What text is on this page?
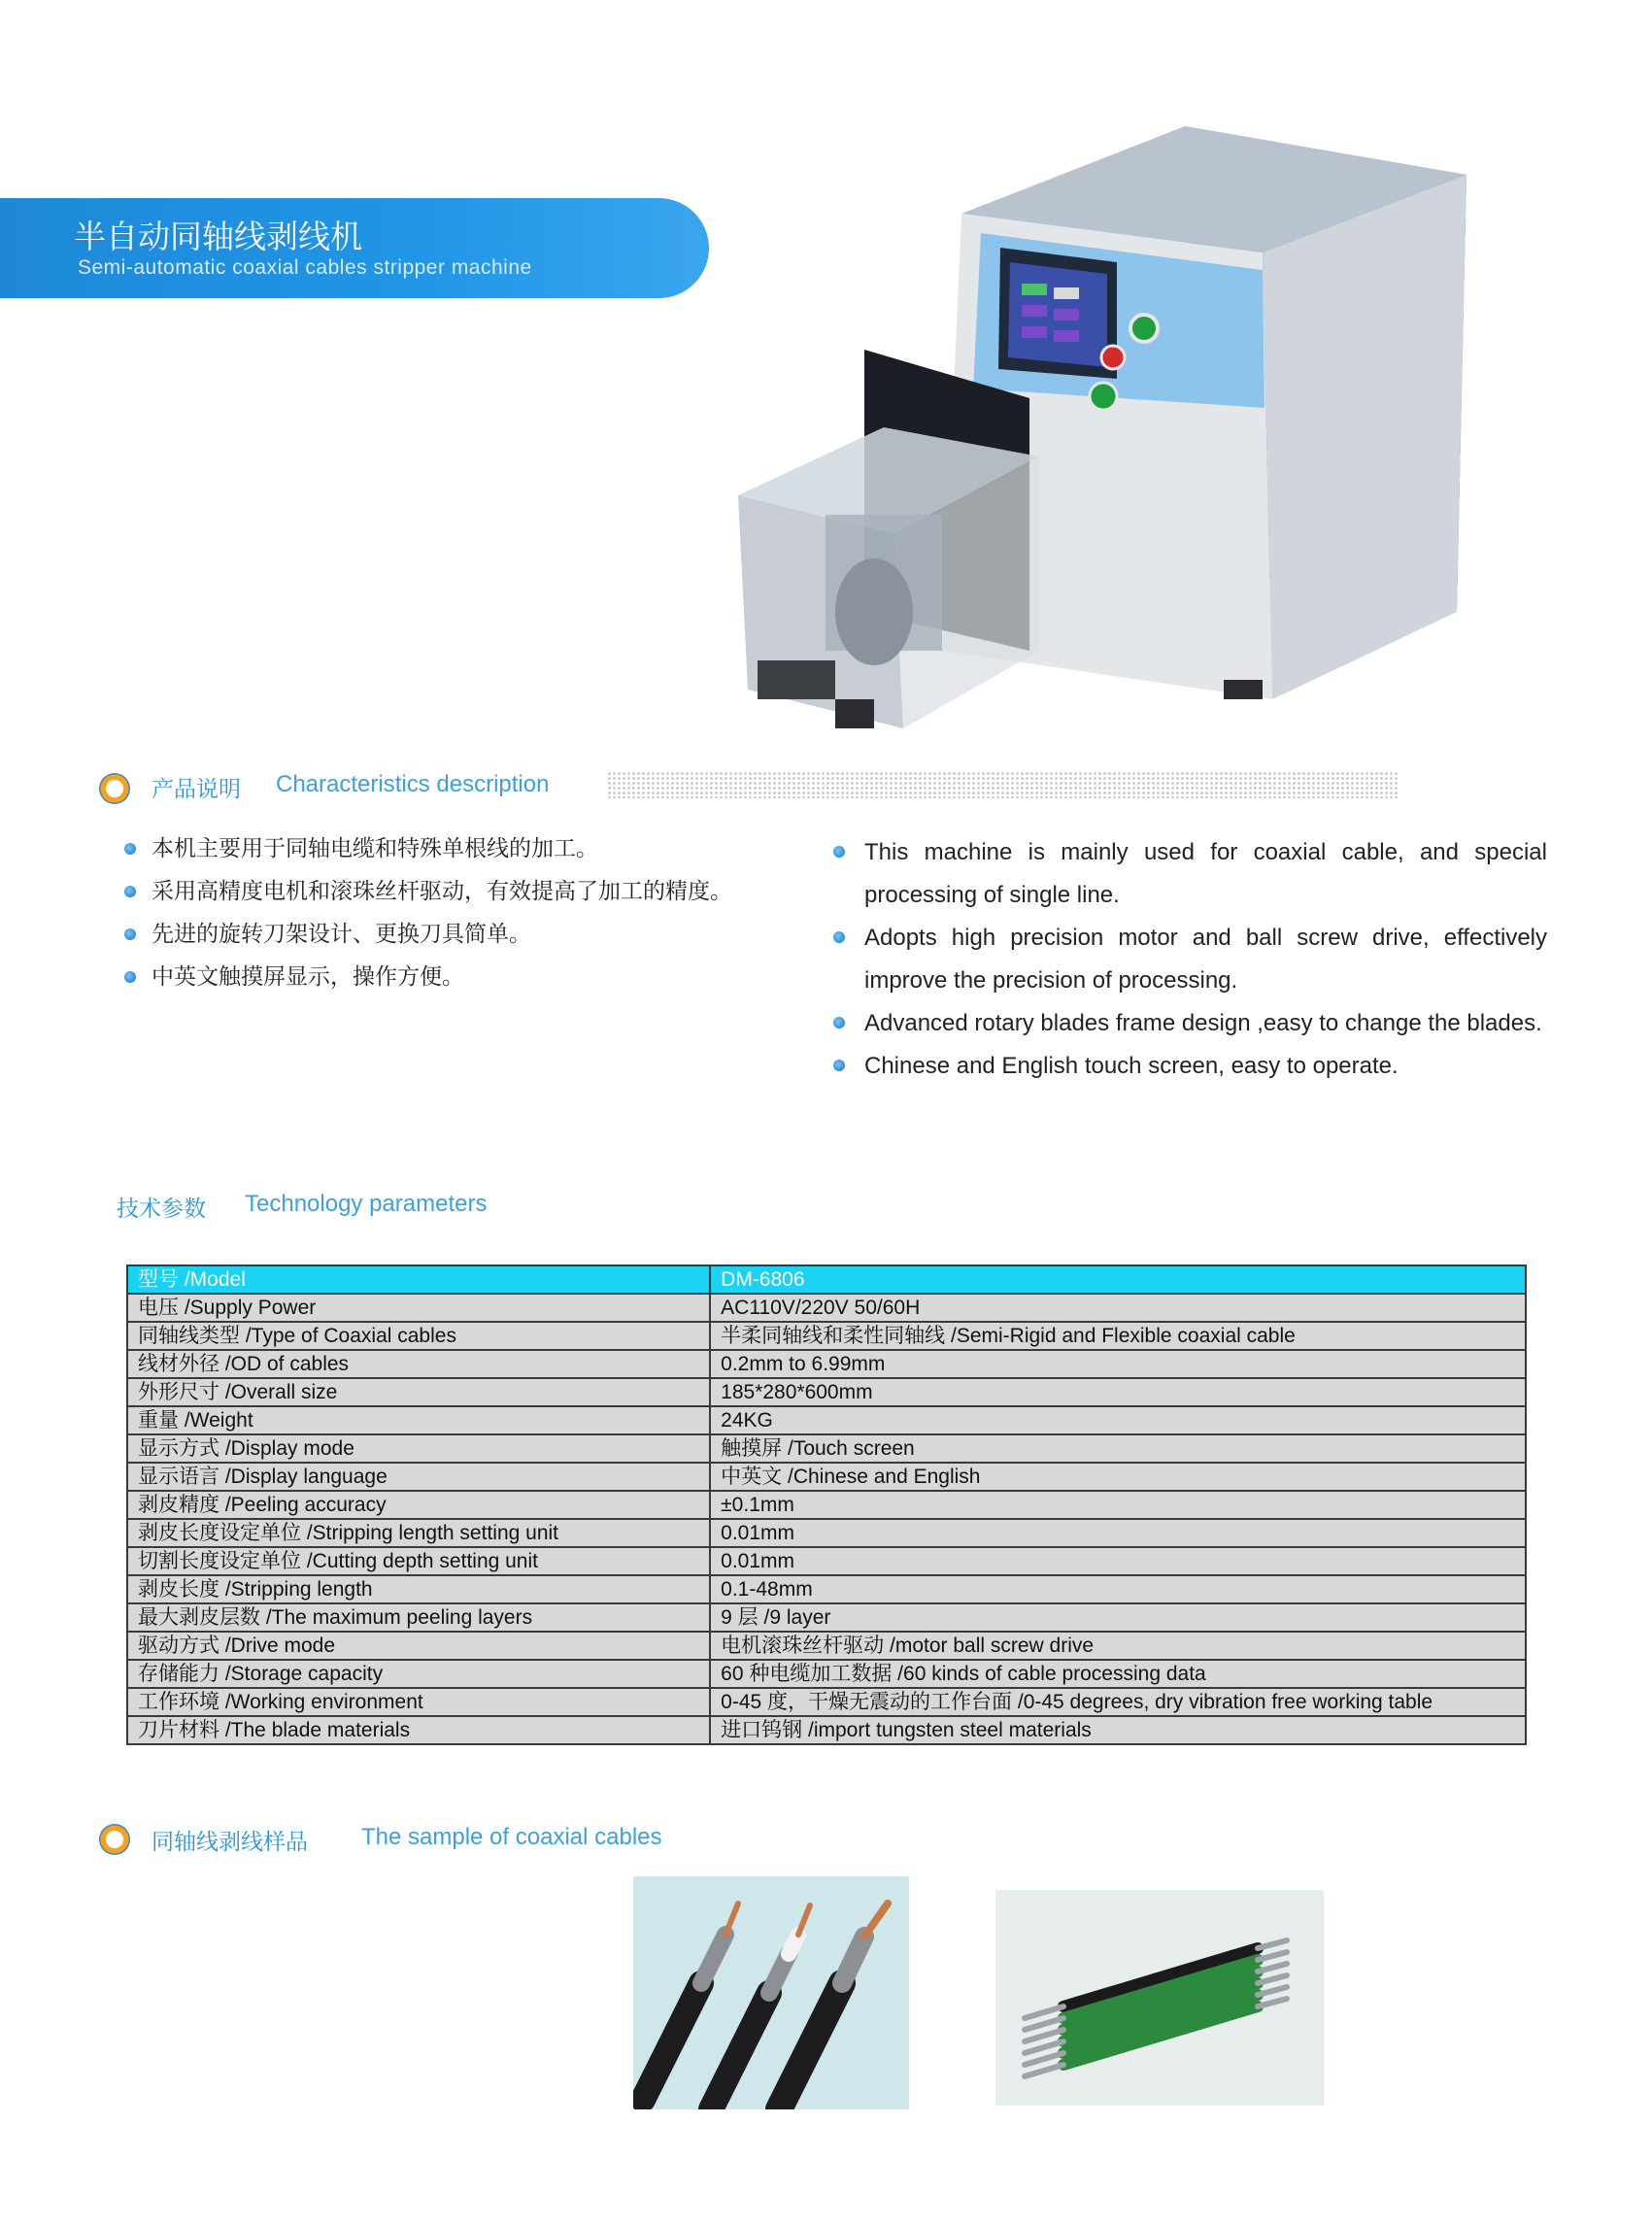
半自动同轴线剥线机
Semi-automatic coaxial cables stripper machine
产品说明 Characteristics description
本机主要用于同轴电缆和特殊单根线的加工。
采用高精度电机和滚珠丝杆驱动，有效提高了加工的精度。
先进的旋转刀架设计、更换刀具简单。
中英文触摸屏显示，操作方便。
This machine is mainly used for coaxial cable, and special processing of single line.
Adopts high precision motor and ball screw drive, effectively improve the precision of processing.
Advanced rotary blades frame design ,easy to change the blades.
Chinese and English touch screen, easy to operate.
技术参数 Technology parameters
型号 /Model	DM-6806
电压 /Supply Power	AC110V/220V 50/60H
同轴线类型 /Type of Coaxial cables	半柔同轴线和柔性同轴线 /Semi-Rigid and Flexible coaxial cable
线材外径 /OD of cables	0.2mm to 6.99mm
外形尺寸 /Overall size	185*280*600mm
重量 /Weight	24KG
显示方式 /Display mode	触摸屏 /Touch screen
显示语言 /Display language	中英文 /Chinese and English
剥皮精度 /Peeling accuracy	±0.1mm
剥皮长度设定单位 /Stripping length setting unit	0.01mm
切割长度设定单位 /Cutting depth setting unit	0.01mm
剥皮长度 /Stripping length	0.1-48mm
最大剥皮层数 /The maximum peeling layers	9 层 /9 layer
驱动方式 /Drive mode	电机滚珠丝杆驱动 /motor ball screw drive
存储能力 /Storage capacity	60 种电缆加工数据 /60 kinds of cable processing data
工作环境 /Working environment	0-45 度，干燥无震动的工作台面 /0-45 degrees, dry vibration free working table
刀片材料 /The blade materials	进口钨钢 /import tungsten steel materials
同轴线剥线样品 The sample of coaxial cables
